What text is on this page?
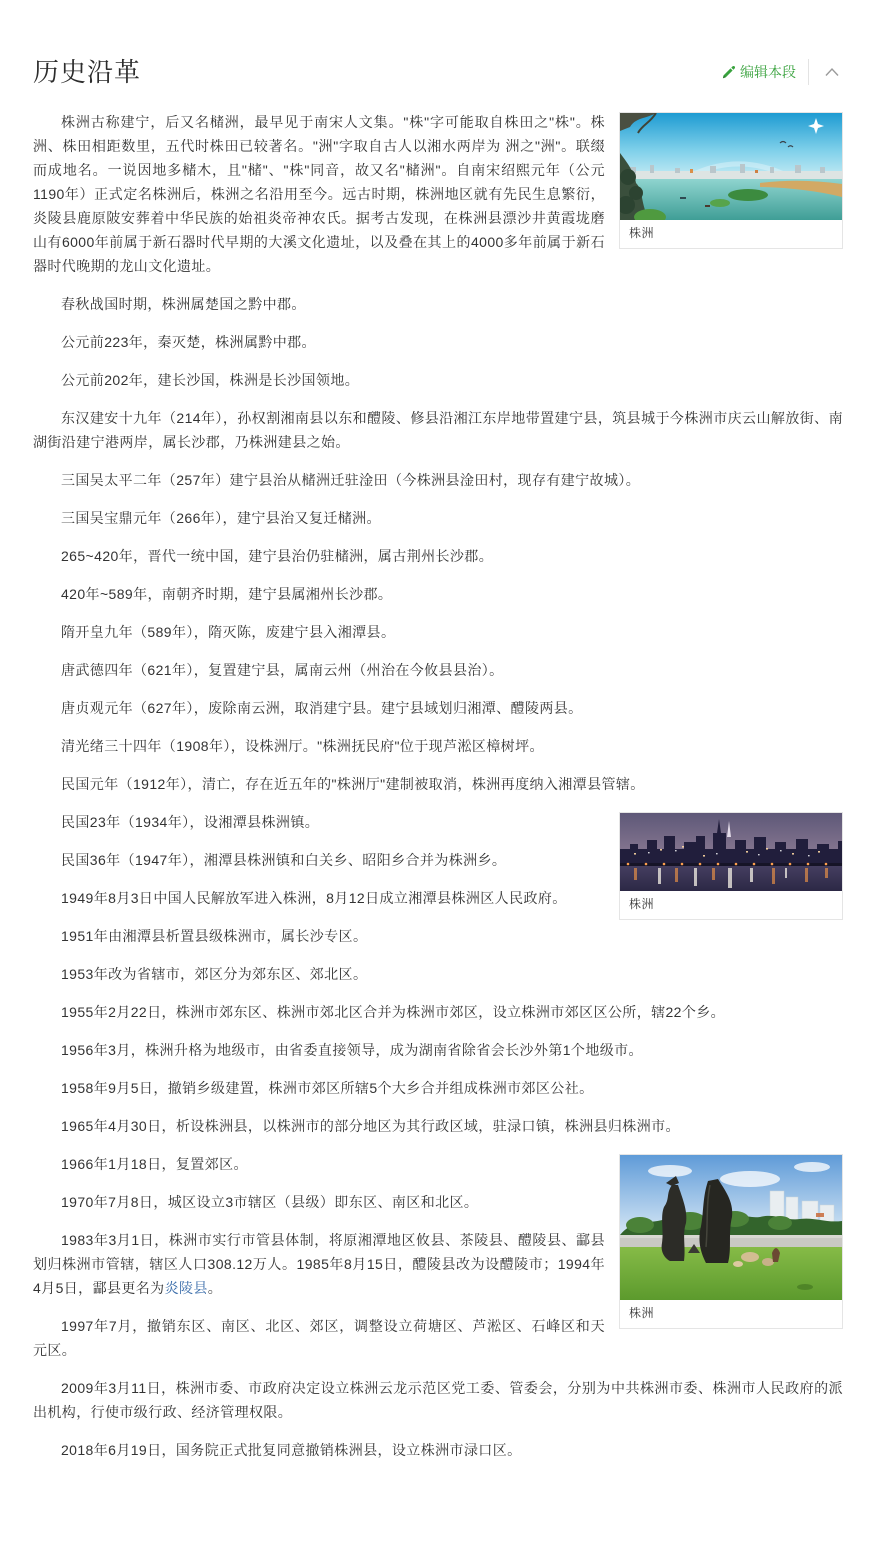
历史沿革	编辑本段
株洲

株洲古称建宁，后又名槠洲，最早见于南宋人文集。"株"字可能取自株田之"株"。株洲、株田相距数里，五代时株田已较著名。"洲"字取自古人以湘水两岸为 洲之"洲"。联缀而成地名。一说因地多槠木，且"槠"、"株"同音，故又名"槠洲"。自南宋绍熙元年（公元1190年）正式定名株洲后，株洲之名沿用至今。远古时期，株洲地区就有先民生息繁衍，炎陵县鹿原陂安葬着中华民族的始祖炎帝神农氏。据考古发现，在株洲县漂沙井黄霞垅磨山有6000年前属于新石器时代早期的大溪文化遗址，以及叠在其上的4000多年前属于新石器时代晚期的龙山文化遗址。

春秋战国时期，株洲属楚国之黔中郡。

公元前223年，秦灭楚，株洲属黔中郡。

公元前202年，建长沙国，株洲是长沙国领地。

东汉建安十九年（214年），孙权割湘南县以东和醴陵、修县沿湘江东岸地带置建宁县，筑县城于今株洲市庆云山解放街、南湖街沿建宁港两岸，属长沙郡，乃株洲建县之始。

三国吴太平二年（257年）建宁县治从槠洲迁驻淦田（今株洲县淦田村，现存有建宁故城）。

三国吴宝鼎元年（266年），建宁县治又复迁槠洲。

265~420年，晋代一统中国，建宁县治仍驻槠洲，属古荆州长沙郡。

420年~589年，南朝齐时期，建宁县属湘州长沙郡。

隋开皇九年（589年），隋灭陈，废建宁县入湘潭县。

唐武德四年（621年），复置建宁县，属南云州（州治在今攸县县治）。

唐贞观元年（627年），废除南云洲，取消建宁县。建宁县域划归湘潭、醴陵两县。

清光绪三十四年（1908年），设株洲厅。"株洲抚民府"位于现芦淞区樟树坪。

民国元年（1912年），清亡，存在近五年的"株洲厅"建制被取消，株洲再度纳入湘潭县管辖。

株洲

民国23年（1934年），设湘潭县株洲镇。

民国36年（1947年），湘潭县株洲镇和白关乡、昭阳乡合并为株洲乡。

1949年8月3日中国人民解放军进入株洲，8月12日成立湘潭县株洲区人民政府。

1951年由湘潭县析置县级株洲市，属长沙专区。

1953年改为省辖市，郊区分为郊东区、郊北区。

1955年2月22日，株洲市郊东区、株洲市郊北区合并为株洲市郊区，设立株洲市郊区区公所，辖22个乡。

1956年3月，株洲升格为地级市，由省委直接领导，成为湖南省除省会长沙外第1个地级市。

1958年9月5日，撤销乡级建置，株洲市郊区所辖5个大乡合并组成株洲市郊区公社。

1965年4月30日，析设株洲县，以株洲市的部分地区为其行政区域，驻渌口镇，株洲县归株洲市。

株洲

1966年1月18日，复置郊区。

1970年7月8日，城区设立3市辖区（县级）即东区、南区和北区。

1983年3月1日，株洲市实行市管县体制，将原湘潭地区攸县、茶陵县、醴陵县、酃县划归株洲市管辖，辖区人口308.12万人。1985年8月15日，醴陵县改为设醴陵市；1994年4月5日，酃县更名为炎陵县。

1997年7月，撤销东区、南区、北区、郊区，调整设立荷塘区、芦淞区、石峰区和天元区。

2009年3月11日，株洲市委、市政府决定设立株洲云龙示范区党工委、管委会，分别为中共株洲市委、株洲市人民政府的派出机构，行使市级行政、经济管理权限。

2018年6月19日，国务院正式批复同意撤销株洲县，设立株洲市渌口区。
